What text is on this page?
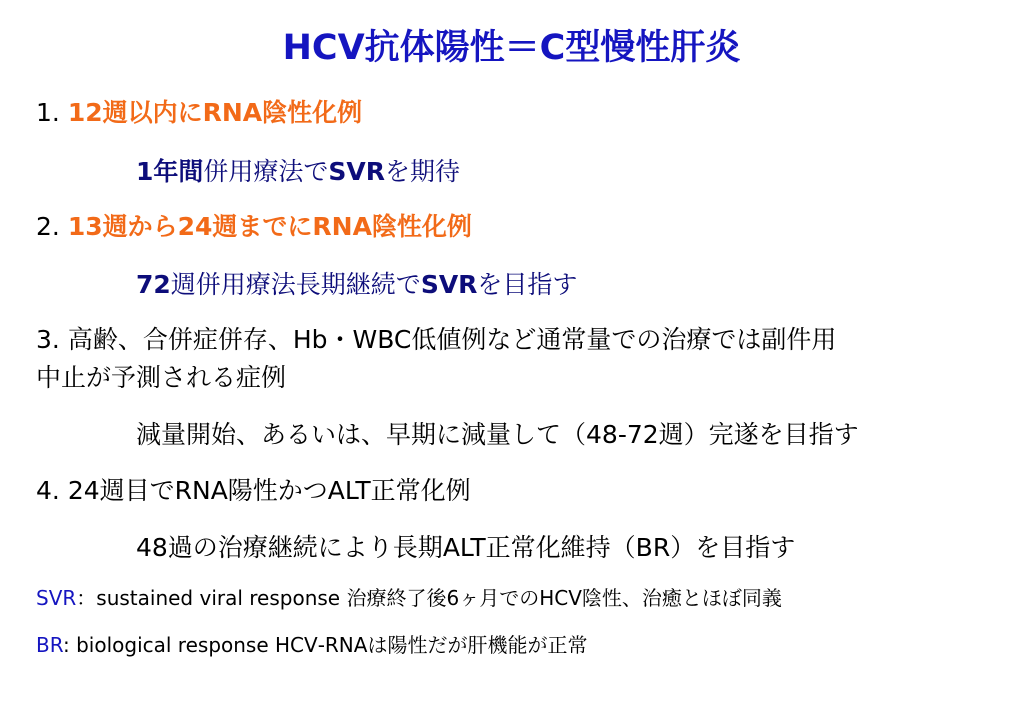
HCV抗体陽性＝C型慢性肝炎
1. 12週以内にRNA陰性化例
1年間併用療法でSVRを期待
2. 13週から24週までにRNA陰性化例
72週併用療法長期継続でSVRを目指す
3. 高齢、合併症併存、Hb・WBC低値例など通常量での治療では副件用
中止が予測される症例
減量開始、あるいは、早期に減量して（48‐72週）完遂を目指す
4. 24週目でRNA陽性かつALT正常化例
48過の治療継続により長期ALT正常化維持（BR）を目指す
SVR：sustained viral response 治療終了後6ヶ月でのHCV陰性、治癒とほぼ同義
BR: biological response HCV‐RNAは陽性だが肝機能が正常
